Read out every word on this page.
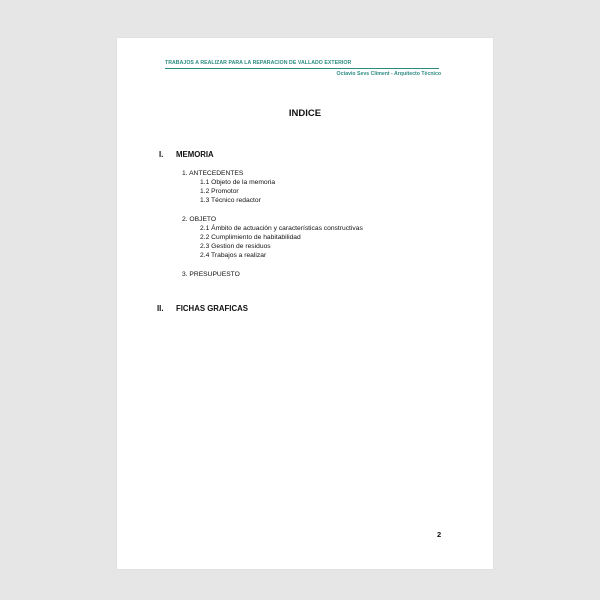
TRABAJOS A REALIZAR PARA LA REPARACION DE VALLADO EXTERIOR
Octavio Sevs Climent - Arquitecto Técnico
INDICE
I. MEMORIA
1. ANTECEDENTES
1.1 Objeto de la memoria
1.2 Promotor
1.3 Técnico redactor
2. OBJETO
2.1 Ámbito de actuación y características constructivas
2.2 Cumplimiento de habitabilidad
2.3 Gestion de residuos
2.4 Trabajos a realizar
3. PRESUPUESTO
II. FICHAS GRAFICAS
2
